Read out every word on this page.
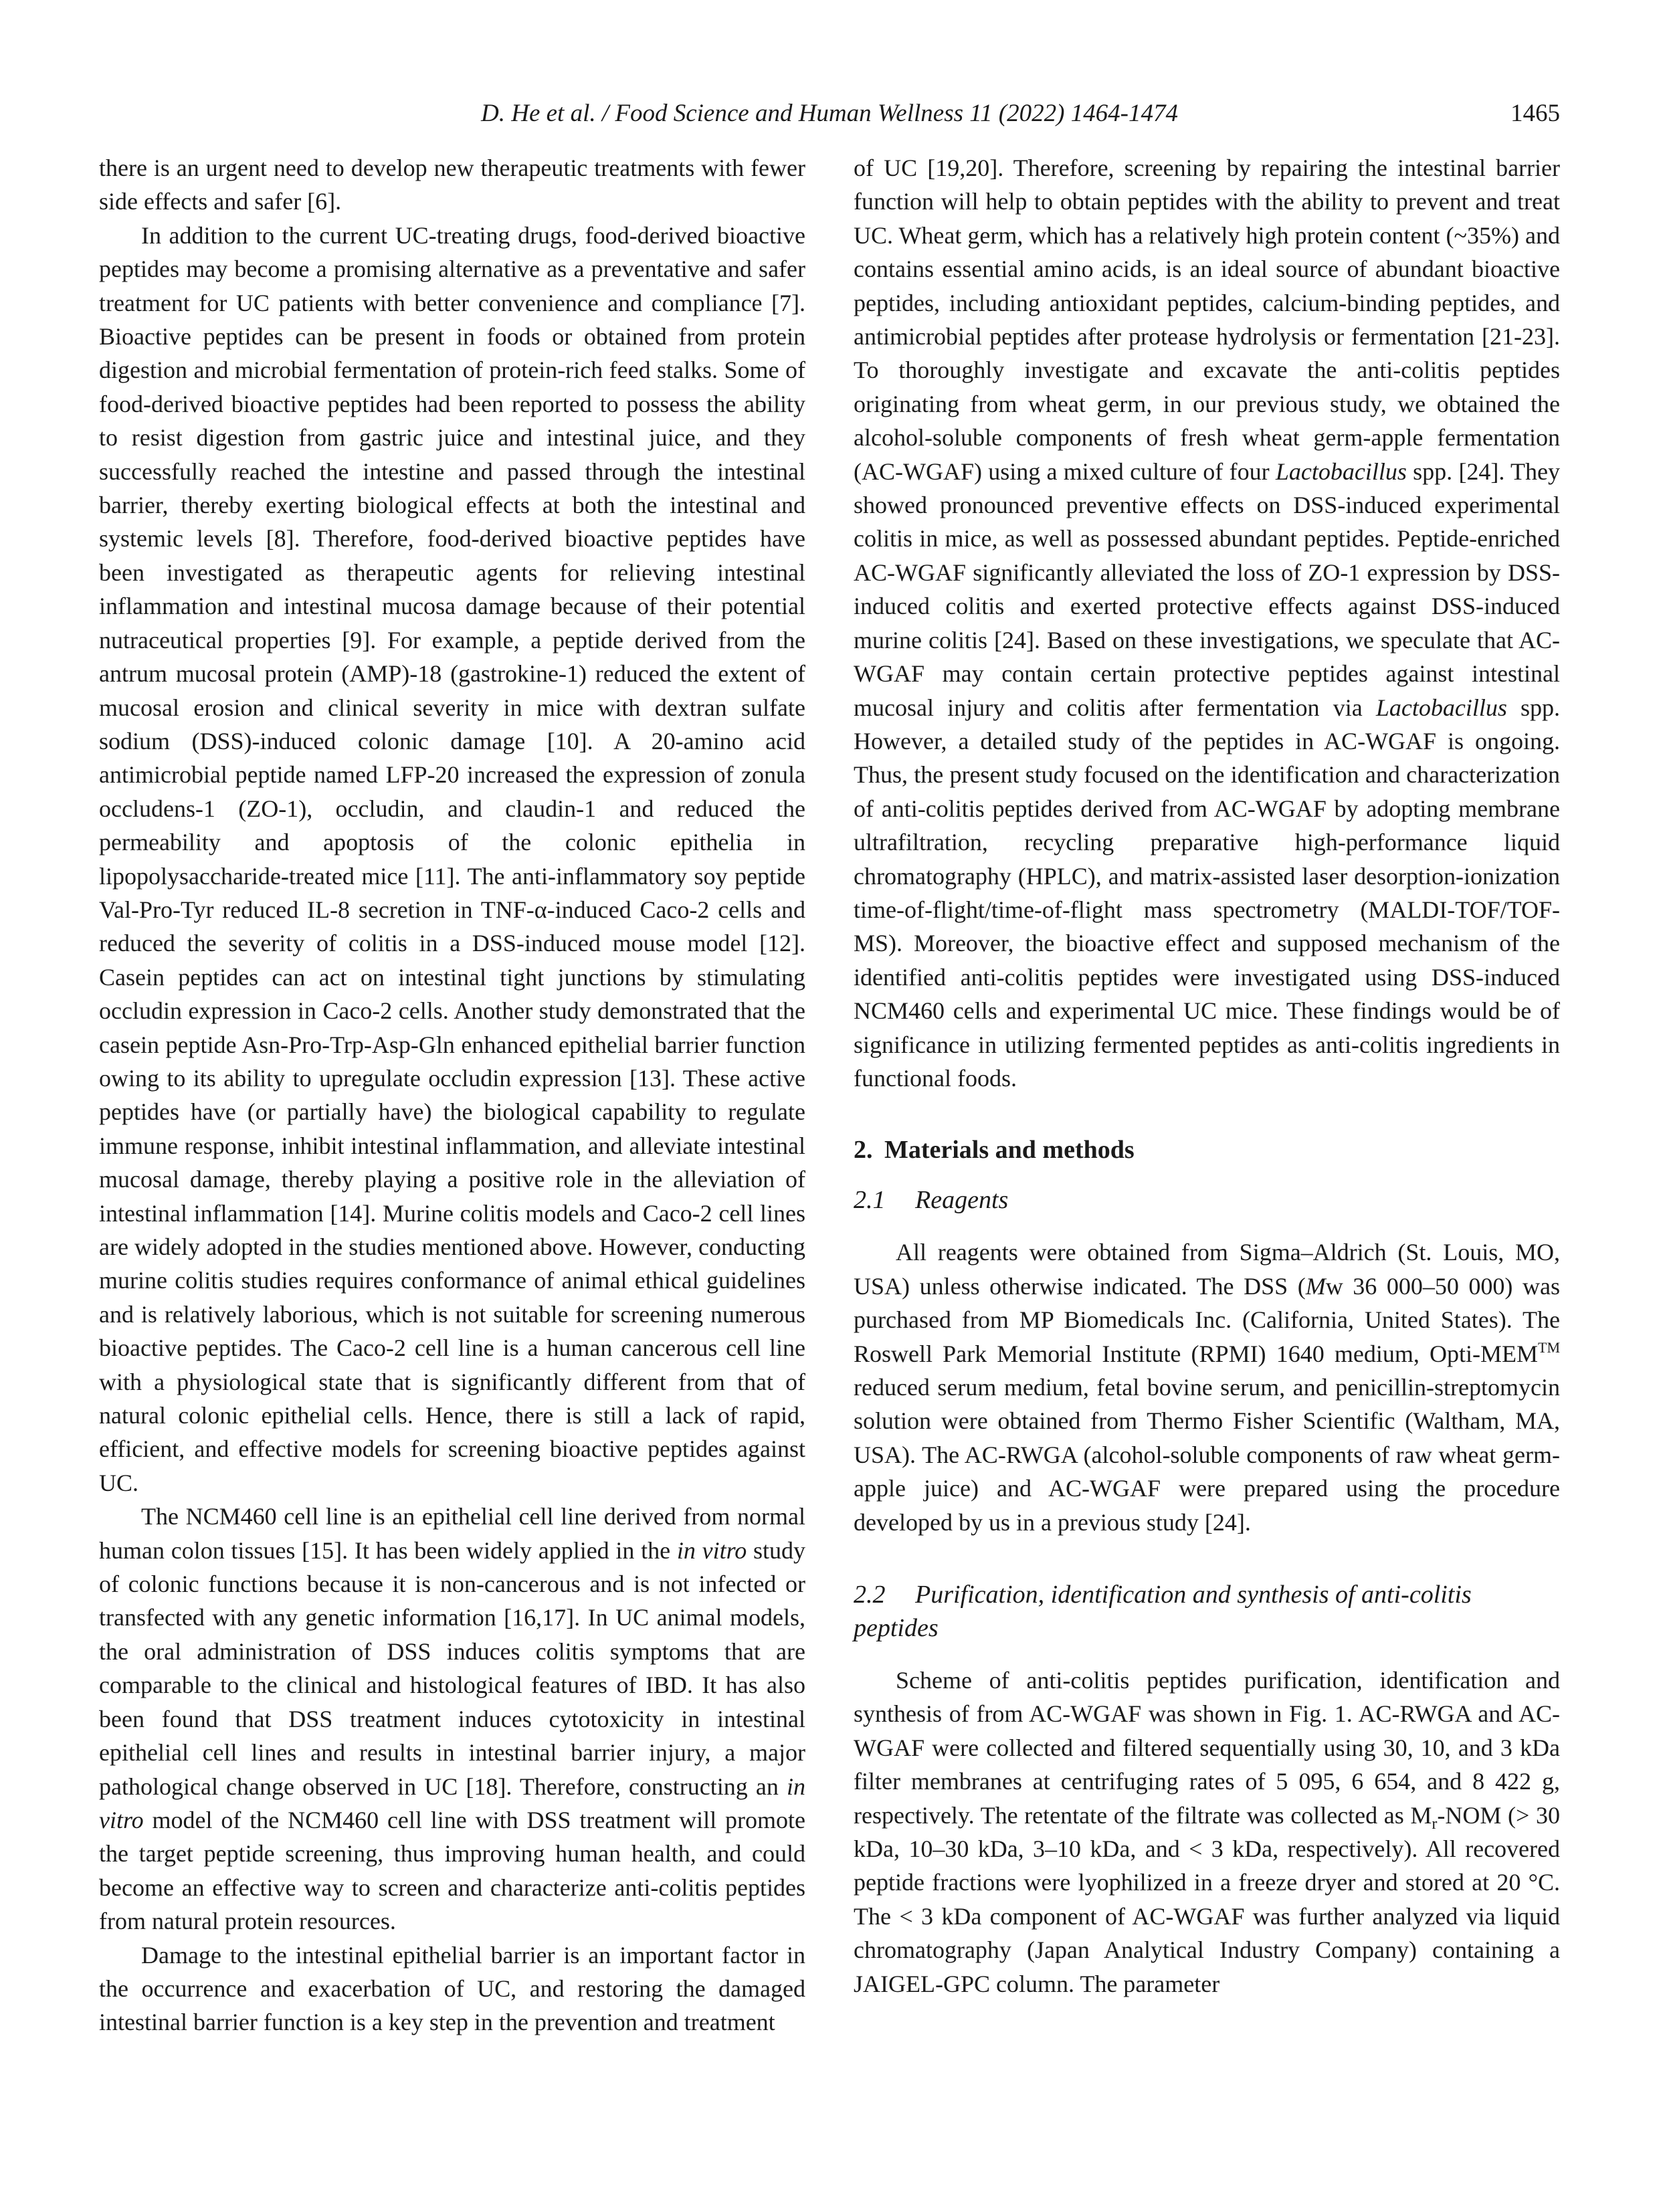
D. He et al. / Food Science and Human Wellness 11 (2022) 1464-1474	1465

there is an urgent need to develop new therapeutic treatments with fewer side effects and safer [6].

In addition to the current UC-treating drugs, food-derived bioactive peptides may become a promising alternative as a preventative and safer treatment for UC patients with better convenience and compliance [7]. Bioactive peptides can be present in foods or obtained from protein digestion and microbial fermentation of protein-rich feed stalks. Some of food-derived bioactive peptides had been reported to possess the ability to resist digestion from gastric juice and intestinal juice, and they successfully reached the intestine and passed through the intestinal barrier, thereby exerting biological effects at both the intestinal and systemic levels [8]. Therefore, food-derived bioactive peptides have been investigated as therapeutic agents for relieving intestinal inflammation and intestinal mucosa damage because of their potential nutraceutical properties [9]. For example, a peptide derived from the antrum mucosal protein (AMP)-18 (gastrokine-1) reduced the extent of mucosal erosion and clinical severity in mice with dextran sulfate sodium (DSS)-induced colonic damage [10]. A 20-amino acid antimicrobial peptide named LFP-20 increased the expression of zonula occludens-1 (ZO-1), occludin, and claudin-1 and reduced the permeability and apoptosis of the colonic epithelia in lipopolysaccharide-treated mice [11]. The anti-inflammatory soy peptide Val-Pro-Tyr reduced IL-8 secretion in TNF-α-induced Caco-2 cells and reduced the severity of colitis in a DSS-induced mouse model [12]. Casein peptides can act on intestinal tight junctions by stimulating occludin expression in Caco-2 cells. Another study demonstrated that the casein peptide Asn-Pro-Trp-Asp-Gln enhanced epithelial barrier function owing to its ability to upregulate occludin expression [13]. These active peptides have (or partially have) the biological capability to regulate immune response, inhibit intestinal inflammation, and alleviate intestinal mucosal damage, thereby playing a positive role in the alleviation of intestinal inflammation [14]. Murine colitis models and Caco-2 cell lines are widely adopted in the studies mentioned above. However, conducting murine colitis studies requires conformance of animal ethical guidelines and is relatively laborious, which is not suitable for screening numerous bioactive peptides. The Caco-2 cell line is a human cancerous cell line with a physiological state that is significantly different from that of natural colonic epithelial cells. Hence, there is still a lack of rapid, efficient, and effective models for screening bioactive peptides against UC.

The NCM460 cell line is an epithelial cell line derived from normal human colon tissues [15]. It has been widely applied in the in vitro study of colonic functions because it is non-cancerous and is not infected or transfected with any genetic information [16,17]. In UC animal models, the oral administration of DSS induces colitis symptoms that are comparable to the clinical and histological features of IBD. It has also been found that DSS treatment induces cytotoxicity in intestinal epithelial cell lines and results in intestinal barrier injury, a major pathological change observed in UC [18]. Therefore, constructing an in vitro model of the NCM460 cell line with DSS treatment will promote the target peptide screening, thus improving human health, and could become an effective way to screen and characterize anti-colitis peptides from natural protein resources.

Damage to the intestinal epithelial barrier is an important factor in the occurrence and exacerbation of UC, and restoring the damaged intestinal barrier function is a key step in the prevention and treatment

of UC [19,20]. Therefore, screening by repairing the intestinal barrier function will help to obtain peptides with the ability to prevent and treat UC. Wheat germ, which has a relatively high protein content (~35%) and contains essential amino acids, is an ideal source of abundant bioactive peptides, including antioxidant peptides, calcium-binding peptides, and antimicrobial peptides after protease hydrolysis or fermentation [21-23]. To thoroughly investigate and excavate the anti-colitis peptides originating from wheat germ, in our previous study, we obtained the alcohol-soluble components of fresh wheat germ-apple fermentation (AC-WGAF) using a mixed culture of four Lactobacillus spp. [24]. They showed pronounced preventive effects on DSS-induced experimental colitis in mice, as well as possessed abundant peptides. Peptide-enriched AC-WGAF significantly alleviated the loss of ZO-1 expression by DSS-induced colitis and exerted protective effects against DSS-induced murine colitis [24]. Based on these investigations, we speculate that AC-WGAF may contain certain protective peptides against intestinal mucosal injury and colitis after fermentation via Lactobacillus spp. However, a detailed study of the peptides in AC-WGAF is ongoing. Thus, the present study focused on the identification and characterization of anti-colitis peptides derived from AC-WGAF by adopting membrane ultrafiltration, recycling preparative high-performance liquid chromatography (HPLC), and matrix-assisted laser desorption-ionization time-of-flight/time-of-flight mass spectrometry (MALDI-TOF/TOF-MS). Moreover, the bioactive effect and supposed mechanism of the identified anti-colitis peptides were investigated using DSS-induced NCM460 cells and experimental UC mice. These findings would be of significance in utilizing fermented peptides as anti-colitis ingredients in functional foods.

2. Materials and methods
2.1 Reagents

All reagents were obtained from Sigma–Aldrich (St. Louis, MO, USA) unless otherwise indicated. The DSS (Mw 36 000–50 000) was purchased from MP Biomedicals Inc. (California, United States). The Roswell Park Memorial Institute (RPMI) 1640 medium, Opti-MEM™ reduced serum medium, fetal bovine serum, and penicillin-streptomycin solution were obtained from Thermo Fisher Scientific (Waltham, MA, USA). The AC-RWGA (alcohol-soluble components of raw wheat germ-apple juice) and AC-WGAF were prepared using the procedure developed by us in a previous study [24].

2.2 Purification, identification and synthesis of anti-colitis peptides

Scheme of anti-colitis peptides purification, identification and synthesis of from AC-WGAF was shown in Fig. 1. AC-RWGA and AC-WGAF were collected and filtered sequentially using 30, 10, and 3 kDa filter membranes at centrifuging rates of 5 095, 6 654, and 8 422 g, respectively. The retentate of the filtrate was collected as $M_r$-NOM (> 30 kDa, 10–30 kDa, 3–10 kDa, and < 3 kDa, respectively). All recovered peptide fractions were lyophilized in a freeze dryer and stored at 20 °C. The < 3 kDa component of AC-WGAF was further analyzed via liquid chromatography (Japan Analytical Industry Company) containing a JAIGEL-GPC column. The parameter
